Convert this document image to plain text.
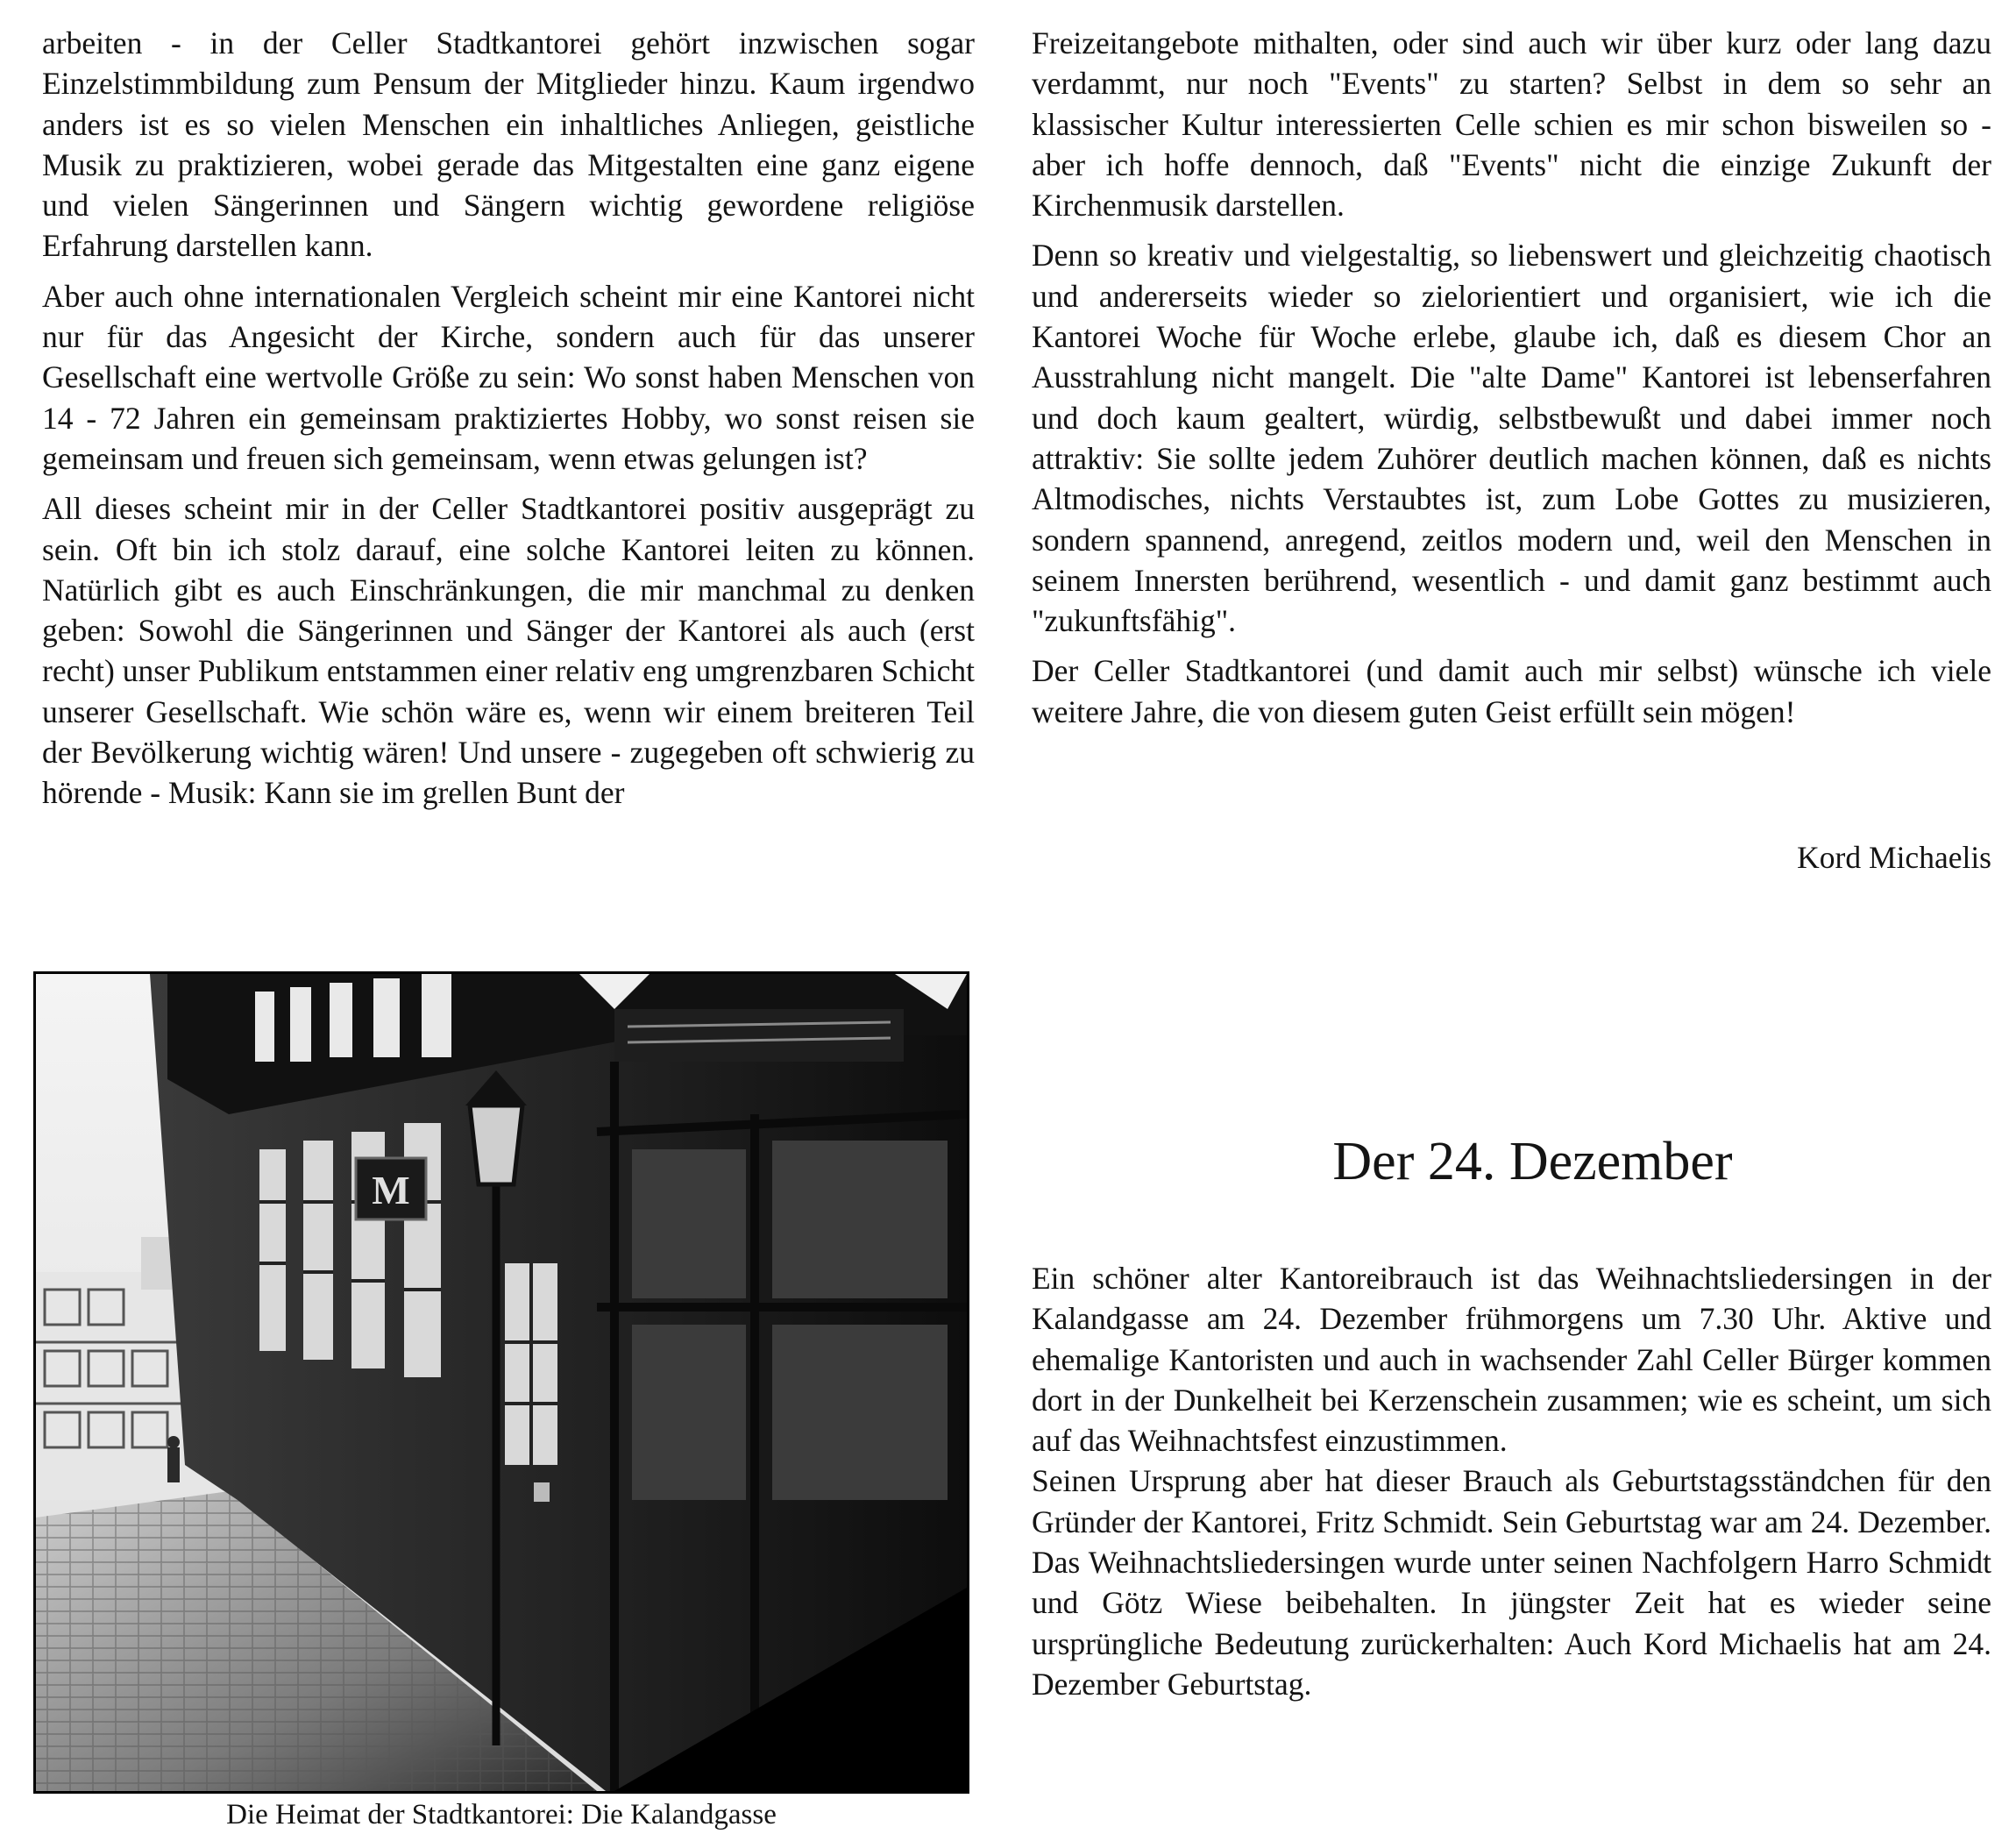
arbeiten - in der Celler Stadtkantorei gehört inzwischen sogar Einzelstimmbildung zum Pensum der Mitglieder hinzu. Kaum irgendwo anders ist es so vielen Menschen ein inhaltliches Anliegen, geistliche Musik zu praktizieren, wobei gerade das Mitgestalten eine ganz eigene und vielen Sängerinnen und Sängern wichtig gewordene religiöse Erfahrung darstellen kann.

Aber auch ohne internationalen Vergleich scheint mir eine Kantorei nicht nur für das Angesicht der Kirche, sondern auch für das unserer Gesellschaft eine wertvolle Größe zu sein: Wo sonst haben Menschen von 14 - 72 Jahren ein gemeinsam praktiziertes Hobby, wo sonst reisen sie gemeinsam und freuen sich gemeinsam, wenn etwas gelungen ist?

All dieses scheint mir in der Celler Stadtkantorei positiv ausgeprägt zu sein. Oft bin ich stolz darauf, eine solche Kantorei leiten zu können. Natürlich gibt es auch Einschränkungen, die mir manchmal zu denken geben: Sowohl die Sängerinnen und Sänger der Kantorei als auch (erst recht) unser Publikum entstammen einer relativ eng umgrenzbaren Schicht unserer Gesellschaft. Wie schön wäre es, wenn wir einem breiteren Teil der Bevölkerung wichtig wären! Und unsere - zugegeben oft schwierig zu hörende - Musik: Kann sie im grellen Bunt der

Freizeitangebote mithalten, oder sind auch wir über kurz oder lang dazu verdammt, nur noch "Events" zu starten? Selbst in dem so sehr an klassischer Kultur interessierten Celle schien es mir schon bisweilen so - aber ich hoffe dennoch, daß "Events" nicht die einzige Zukunft der Kirchenmusik darstellen.

Denn so kreativ und vielgestaltig, so liebenswert und gleichzeitig chaotisch und andererseits wieder so zielorientiert und organisiert, wie ich die Kantorei Woche für Woche erlebe, glaube ich, daß es diesem Chor an Ausstrahlung nicht mangelt. Die "alte Dame" Kantorei ist lebenserfahren und doch kaum gealtert, würdig, selbstbewußt und dabei immer noch attraktiv: Sie sollte jedem Zuhörer deutlich machen können, daß es nichts Altmodisches, nichts Verstaubtes ist, zum Lobe Gottes zu musizieren, sondern spannend, anregend, zeitlos modern und, weil den Menschen in seinem Innersten berührend, wesentlich - und damit ganz bestimmt auch "zukunftsfähig".

Der Celler Stadtkantorei (und damit auch mir selbst) wünsche ich viele weitere Jahre, die von diesem guten Geist erfüllt sein mögen!

Kord Michaelis
Der 24. Dezember

Ein schöner alter Kantoreibrauch ist das Weihnachtsliedersingen in der Kalandgasse am 24. Dezember frühmorgens um 7.30 Uhr. Aktive und ehemalige Kantoristen und auch in wachsender Zahl Celler Bürger kommen dort in der Dunkelheit bei Kerzenschein zusammen; wie es scheint, um sich auf das Weihnachtsfest einzustimmen.

Seinen Ursprung aber hat dieser Brauch als Geburtstagsständchen für den Gründer der Kantorei, Fritz Schmidt. Sein Geburtstag war am 24. Dezember. Das Weihnachtsliedersingen wurde unter seinen Nachfolgern Harro Schmidt und Götz Wiese beibehalten. In jüngster Zeit hat es wieder seine ursprüngliche Bedeutung zurückerhalten: Auch Kord Michaelis hat am 24. Dezember Geburtstag.

M
Die Heimat der Stadtkantorei: Die Kalandgasse
